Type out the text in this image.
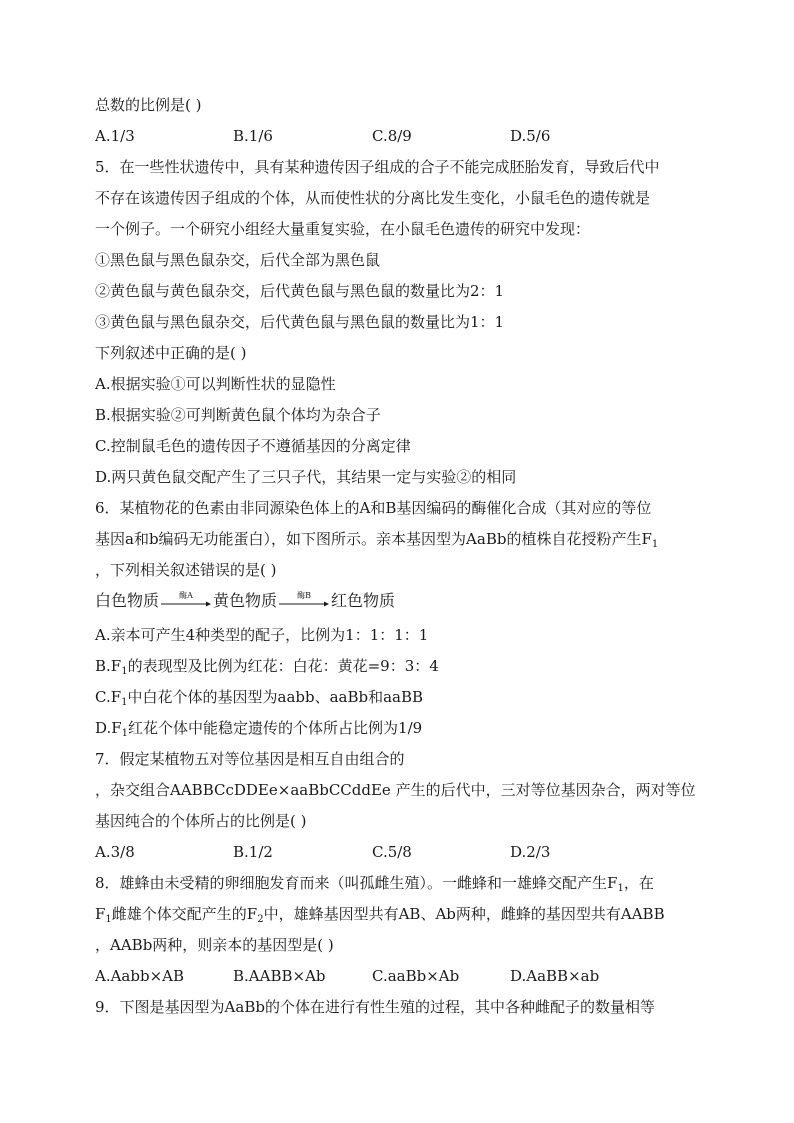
总数的比例是( )
A.1/3	B.1/6	C.8/9	D.5/6
5．在一些性状遗传中，具有某种遗传因子组成的合子不能完成胚胎发育，导致后代中
不存在该遗传因子组成的个体，从而使性状的分离比发生变化，小鼠毛色的遗传就是
一个例子。一个研究小组经大量重复实验，在小鼠毛色遗传的研究中发现：
①黑色鼠与黑色鼠杂交，后代全部为黑色鼠
②黄色鼠与黄色鼠杂交，后代黄色鼠与黑色鼠的数量比为2：1
③黄色鼠与黑色鼠杂交，后代黄色鼠与黑色鼠的数量比为1：1
下列叙述中正确的是( )
A.根据实验①可以判断性状的显隐性
B.根据实验②可判断黄色鼠个体均为杂合子
C.控制鼠毛色的遗传因子不遵循基因的分离定律
D.两只黄色鼠交配产生了三只子代，其结果一定与实验②的相同
6．某植物花的色素由非同源染色体上的A和B基因编码的酶催化合成（其对应的等位
基因a和b编码无功能蛋白），如下图所示。亲本基因型为AaBb的植株自花授粉产生$F_1$
，下列相关叙述错误的是( )
白色物质	酶A	黄色物质	酶B	红色物质
A.亲本可产生4种类型的配子，比例为1：1：1：1
$B.F_1$的表现型及比例为红花：白花：黄花=9：3：4
$C.F_1$中白花个体的基因型为aabb、aaBb和aaBB
$D.F_1$红花个体中能稳定遗传的个体所占比例为1/9
7．假定某植物五对等位基因是相互自由组合的
，杂交组合AABBCcDDEe×aaBbCCddEe 产生的后代中，三对等位基因杂合，两对等位
基因纯合的个体所占的比例是( )
A.3/8	B.1/2	C.5/8	D.2/3
8．雄蜂由未受精的卵细胞发育而来（叫孤雌生殖）。一雌蜂和一雄蜂交配产生$F_1$，在
$F_1$雌雄个体交配产生的$F_2$中，雄蜂基因型共有AB、Ab两种，雌蜂的基因型共有AABB
，AABb两种，则亲本的基因型是( )
A.Aabb×AB	B.AABB×Ab	C.aaBb×Ab	D.AaBB×ab
9．下图是基因型为AaBb的个体在进行有性生殖的过程，其中各种雌配子的数量相等
